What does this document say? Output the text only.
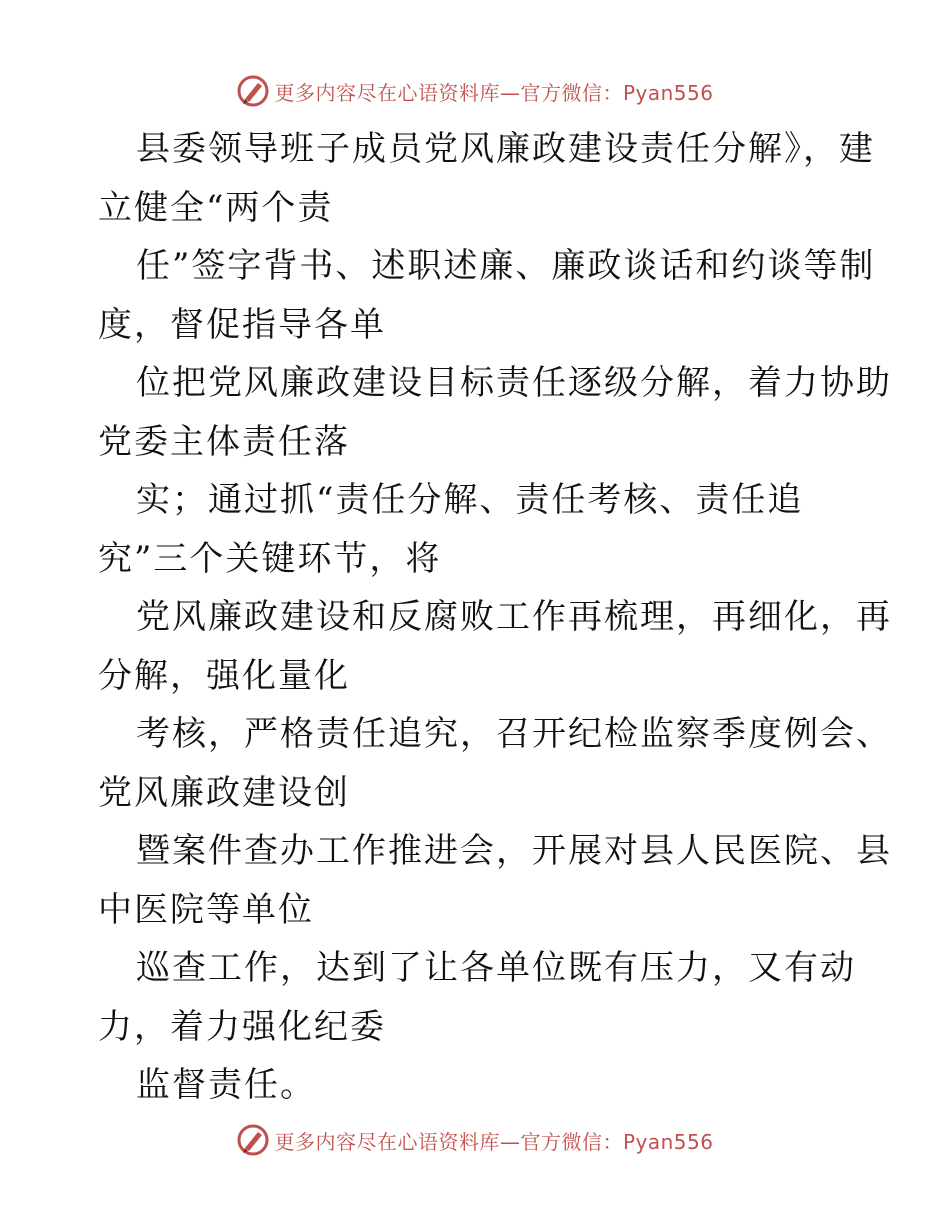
更多内容尽在心语资料库—官方微信：Pyan556
县委领导班子成员党风廉政建设责任分解》，建
立健全“两个责
任”签字背书、述职述廉、廉政谈话和约谈等制
度，督促指导各单
位把党风廉政建设目标责任逐级分解，着力协助
党委主体责任落
实；通过抓“责任分解、责任考核、责任追
究”三个关键环节，将
党风廉政建设和反腐败工作再梳理，再细化，再
分解，强化量化
考核，严格责任追究，召开纪检监察季度例会、
党风廉政建设创
暨案件查办工作推进会，开展对县人民医院、县
中医院等单位
巡查工作，达到了让各单位既有压力，又有动
力，着力强化纪委
监督责任。
更多内容尽在心语资料库—官方微信：Pyan556
